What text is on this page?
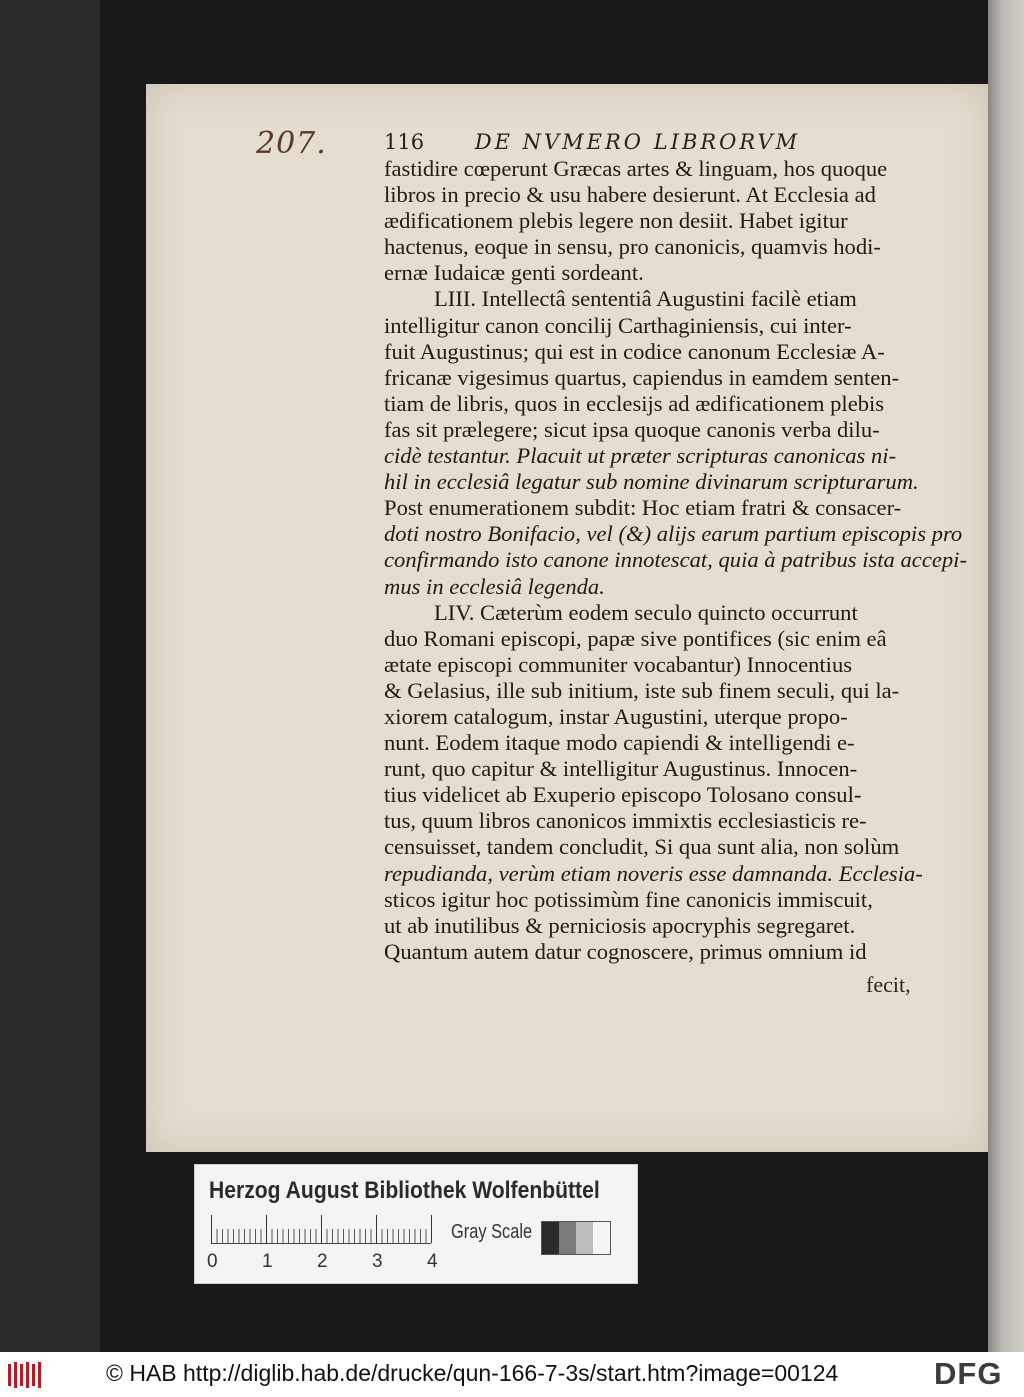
207.	116 DE NVMERO LIBRORVM
fastidire cœperunt Græcas artes & linguam, hos quoque
libros in precio & usu habere desierunt. At Ecclesia ad
ædificationem plebis legere non desiit. Habet igitur
hactenus, eoque in sensu, pro canonicis, quamvis hodi-
ernæ Iudaicæ genti sordeant.
LIII. Intellectâ sententiâ Augustini facilè etiam
intelligitur canon concilij Carthaginiensis, cui inter-
fuit Augustinus; qui est in codice canonum Ecclesiæ A-
fricanæ vigesimus quartus, capiendus in eamdem senten-
tiam de libris, quos in ecclesijs ad ædificationem plebis
fas sit prælegere; sicut ipsa quoque canonis verba dilu-
cidè testantur. Placuit ut præter scripturas canonicas ni-
hil in ecclesiâ legatur sub nomine divinarum scripturarum.
Post enumerationem subdit: Hoc etiam fratri & consacer-
doti nostro Bonifacio, vel (&) alijs earum partium episcopis pro
confirmando isto canone innotescat, quia à patribus ista accepi-
mus in ecclesiâ legenda.
LIV. Cæterùm eodem seculo quincto occurrunt
duo Romani episcopi, papæ sive pontifices (sic enim eâ
ætate episcopi communiter vocabantur) Innocentius
& Gelasius, ille sub initium, iste sub finem seculi, qui la-
xiorem catalogum, instar Augustini, uterque propo-
nunt. Eodem itaque modo capiendi & intelligendi e-
runt, quo capitur & intelligitur Augustinus. Innocen-
tius videlicet ab Exuperio episcopo Tolosano consul-
tus, quum libros canonicos immixtis ecclesiasticis re-
censuisset, tandem concludit, Si qua sunt alia, non solùm
repudianda, verùm etiam noveris esse damnanda. Ecclesia-
sticos igitur hoc potissimùm fine canonicis immiscuit,
ut ab inutilibus & perniciosis apocryphis segregaret.
Quantum autem datur cognoscere, primus omnium id
fecit,
Herzog August Bibliothek Wolfenbüttel
0 1 2 3 4
Gray Scale
© HAB http://diglib.hab.de/drucke/qun-166-7-3s/start.htm?image=00124	DFG
